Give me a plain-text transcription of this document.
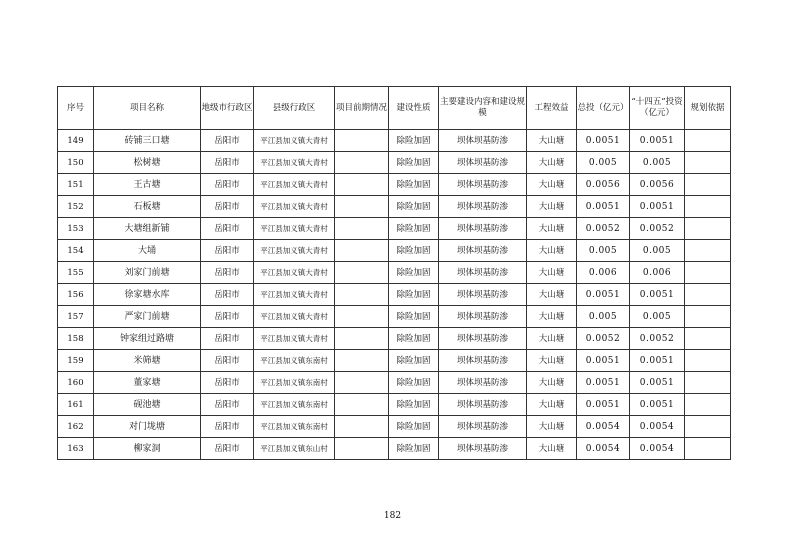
序号	项目名称	地级市行政区	县级行政区	项目前期情况	建设性质	主要建设内容和建设规模	工程效益	总投（亿元）	“十四五”投资（亿元）	规划依据
149	砖铺三口塘	岳阳市	平江县加义镇大青村		除险加固	坝体坝基防渗	大山塘	0.0051	0.0051	
150	松树塘	岳阳市	平江县加义镇大青村		除险加固	坝体坝基防渗	大山塘	0.005	0.005	
151	王古塘	岳阳市	平江县加义镇大青村		除险加固	坝体坝基防渗	大山塘	0.0056	0.0056	
152	石板塘	岳阳市	平江县加义镇大青村		除险加固	坝体坝基防渗	大山塘	0.0051	0.0051	
153	大塘组新铺	岳阳市	平江县加义镇大青村		除险加固	坝体坝基防渗	大山塘	0.0052	0.0052	
154	大埇	岳阳市	平江县加义镇大青村		除险加固	坝体坝基防渗	大山塘	0.005	0.005	
155	刘家门前塘	岳阳市	平江县加义镇大青村		除险加固	坝体坝基防渗	大山塘	0.006	0.006	
156	徐家塘水库	岳阳市	平江县加义镇大青村		除险加固	坝体坝基防渗	大山塘	0.0051	0.0051	
157	严家门前塘	岳阳市	平江县加义镇大青村		除险加固	坝体坝基防渗	大山塘	0.005	0.005	
158	钟家组过路塘	岳阳市	平江县加义镇大青村		除险加固	坝体坝基防渗	大山塘	0.0052	0.0052	
159	米筛塘	岳阳市	平江县加义镇东南村		除险加固	坝体坝基防渗	大山塘	0.0051	0.0051	
160	董家塘	岳阳市	平江县加义镇东南村		除险加固	坝体坝基防渗	大山塘	0.0051	0.0051	
161	砚池塘	岳阳市	平江县加义镇东南村		除险加固	坝体坝基防渗	大山塘	0.0051	0.0051	
162	对门垅塘	岳阳市	平江县加义镇东南村		除险加固	坝体坝基防渗	大山塘	0.0054	0.0054	
163	柳家洞	岳阳市	平江县加义镇东山村		除险加固	坝体坝基防渗	大山塘	0.0054	0.0054	
182
